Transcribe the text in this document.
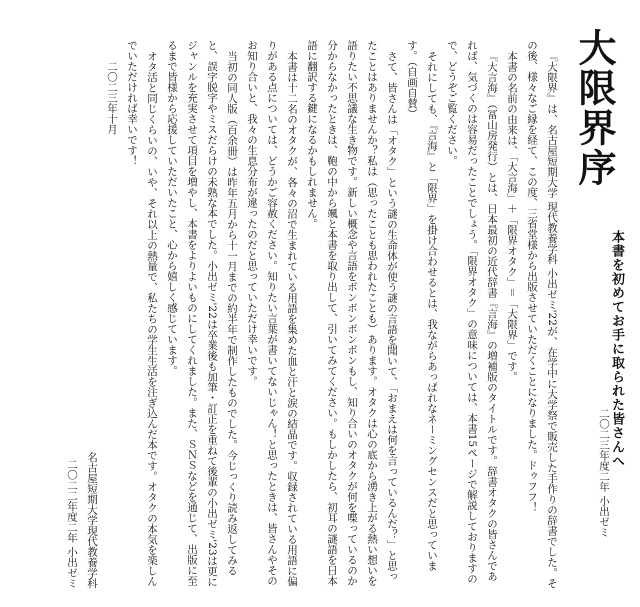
大限界序
本書を初めてお手に取られた皆さんへ

『大限界』は、名古屋短期大学 現代教養学科 小出ゼミ'22が、在学中に大学祭で販売した手作りの辞書でした。その後、様々なご縁を経て、この度、三省堂様から出版させていただくことになりました。ドゥフフ！

本書の名前の由来は、「大言海」＋「限界オタク」＝「大限界」です。

『大言海』（冨山房発行）とは、日本最初の近代辞書『言海』の増補版のタイトルです。辞書オタクの皆さんであれば、気づくのは容易だったことでしょう。「限界オタク」の意味については、本書15ページで解説しておりますので、どうぞご覧ください。

それにしても、『言海』と「限界」を掛け合わせるとは、我ながらあっぱれなネーミングセンスだと思っています。（自画自賛）

さて、皆さんは「オタク」という謎の生命体が使う謎の言語を聞いて、「おまえは何を言っているんだ？」と思ったことはありませんか？私は（思ったことも思われたことも）あります。オタクは心の底から湧き上がる熱い想いを語りたい不思議な生き物です。新しい概念や言語をボンボンボンボンもし、知り合いのオタクが何を喋っているのか分からなかったときは、鞄の中から颯と本書を取り出して、引いてみてください。もしかしたら、初耳の謎語を日本語に翻訳する鍵になるかもしれません。

本書は十二名のオタクが、各々の沼で生まれている用語を集めた血と汗と涙の結晶です。収録されている用語に偏りがある点については、どうかご容赦ください。知りたい言葉が書いてないじゃん！と思ったときは、皆さんやそのお知り合いと、我々の生息分布が違ったのだと思っていただけ幸いです。

当初の同人版（百余冊）は昨年五月から十一月までの約半年で制作したものでした。今じっくり読み返してみると、誤字脱字やミスだらけの未熟な本でした。小出ゼミ'22は卒業後も加筆・訂正を重ねて後輩の小出ゼミ'23は更にジャンルを充実させて項目を増やし、本書をよりよいものにしてくれました。また、ＳＮＳなどを通じて、出版に至るまで皆様から応援していただいたこと、心から嬉しく感じています。

オタ活と同じくらいの、いや、それ以上の熱量で、私たちの学生生活を注ぎ込んだ本です。オタクの本気を楽しんでいただければ幸いです！

二〇二三年十月

名古屋短期大学現代教養学科

二〇二二年度二年 小出ゼミ	二〇二三年度二年 小出ゼミ
